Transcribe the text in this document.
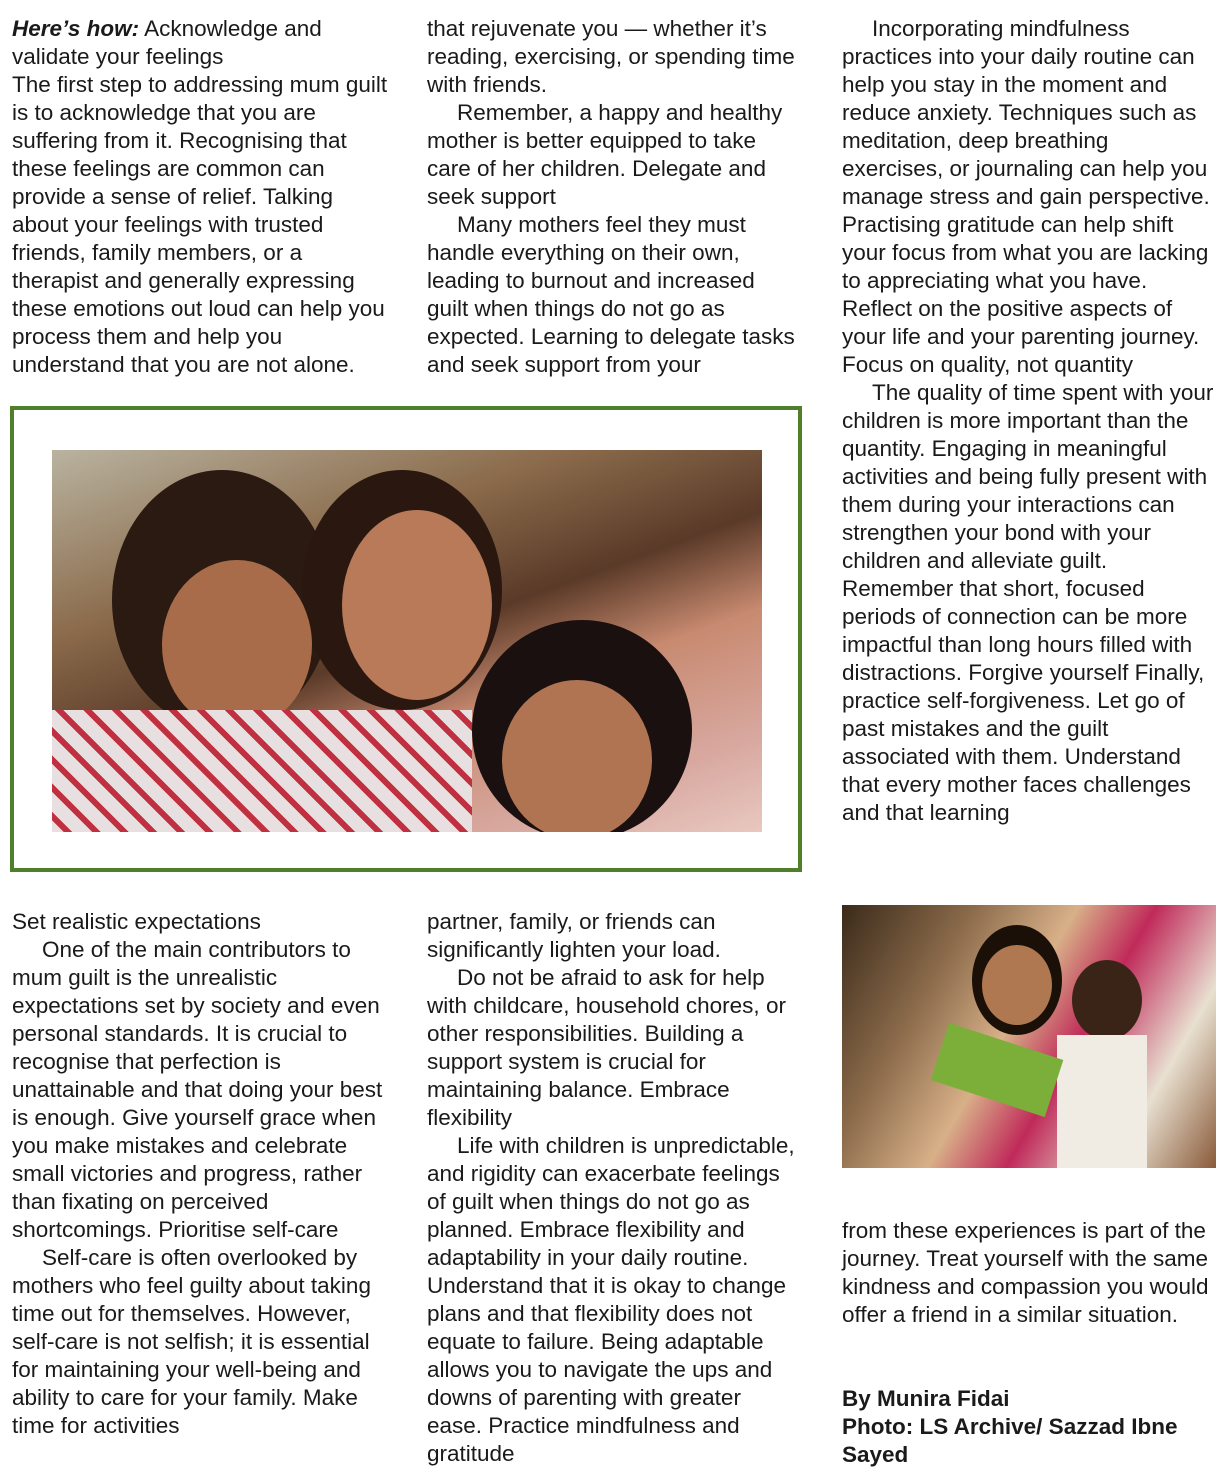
Here’s how: Acknowledge and validate your feelings

The first step to addressing mum guilt is to acknowledge that you are suffering from it. Recognising that these feelings are common can provide a sense of relief. Talking about your feelings with trusted friends, family members, or a therapist and generally expressing these emotions out loud can help you process them and help you understand that you are not alone.

that rejuvenate you — whether it’s reading, exercising, or spending time with friends.

Remember, a happy and healthy mother is better equipped to take care of her children. Delegate and seek support

Many mothers feel they must handle everything on their own, leading to burnout and increased guilt when things do not go as expected. Learning to delegate tasks and seek support from your

Set realistic expectations

One of the main contributors to mum guilt is the unrealistic expectations set by society and even personal standards. It is crucial to recognise that perfection is unattainable and that doing your best is enough. Give yourself grace when you make mistakes and celebrate small victories and progress, rather than fixating on perceived shortcomings. Prioritise self-care

Self-care is often overlooked by mothers who feel guilty about taking time out for themselves. However, self-care is not selfish; it is essential for maintaining your well-being and ability to care for your family. Make time for activities

partner, family, or friends can significantly lighten your load.

Do not be afraid to ask for help with childcare, household chores, or other responsibilities. Building a support system is crucial for maintaining balance. Embrace flexibility

Life with children is unpredictable, and rigidity can exacerbate feelings of guilt when things do not go as planned. Embrace flexibility and adaptability in your daily routine. Understand that it is okay to change plans and that flexibility does not equate to failure. Being adaptable allows you to navigate the ups and downs of parenting with greater ease. Practice mindfulness and gratitude

Incorporating mindfulness practices into your daily routine can help you stay in the moment and reduce anxiety. Techniques such as meditation, deep breathing exercises, or journaling can help you manage stress and gain perspective. Practising gratitude can help shift your focus from what you are lacking to appreciating what you have. Reflect on the positive aspects of your life and your parenting journey. Focus on quality, not quantity

The quality of time spent with your children is more important than the quantity. Engaging in meaningful activities and being fully present with them during your interactions can strengthen your bond with your children and alleviate guilt. Remember that short, focused periods of connection can be more impactful than long hours filled with distractions. Forgive yourself Finally, practice self-forgiveness. Let go of past mistakes and the guilt associated with them. Understand that every mother faces challenges and that learning

from these experiences is part of the journey. Treat yourself with the same kindness and compassion you would offer a friend in a similar situation.

By Munira Fidai

Photo: LS Archive/ Sazzad Ibne Sayed
